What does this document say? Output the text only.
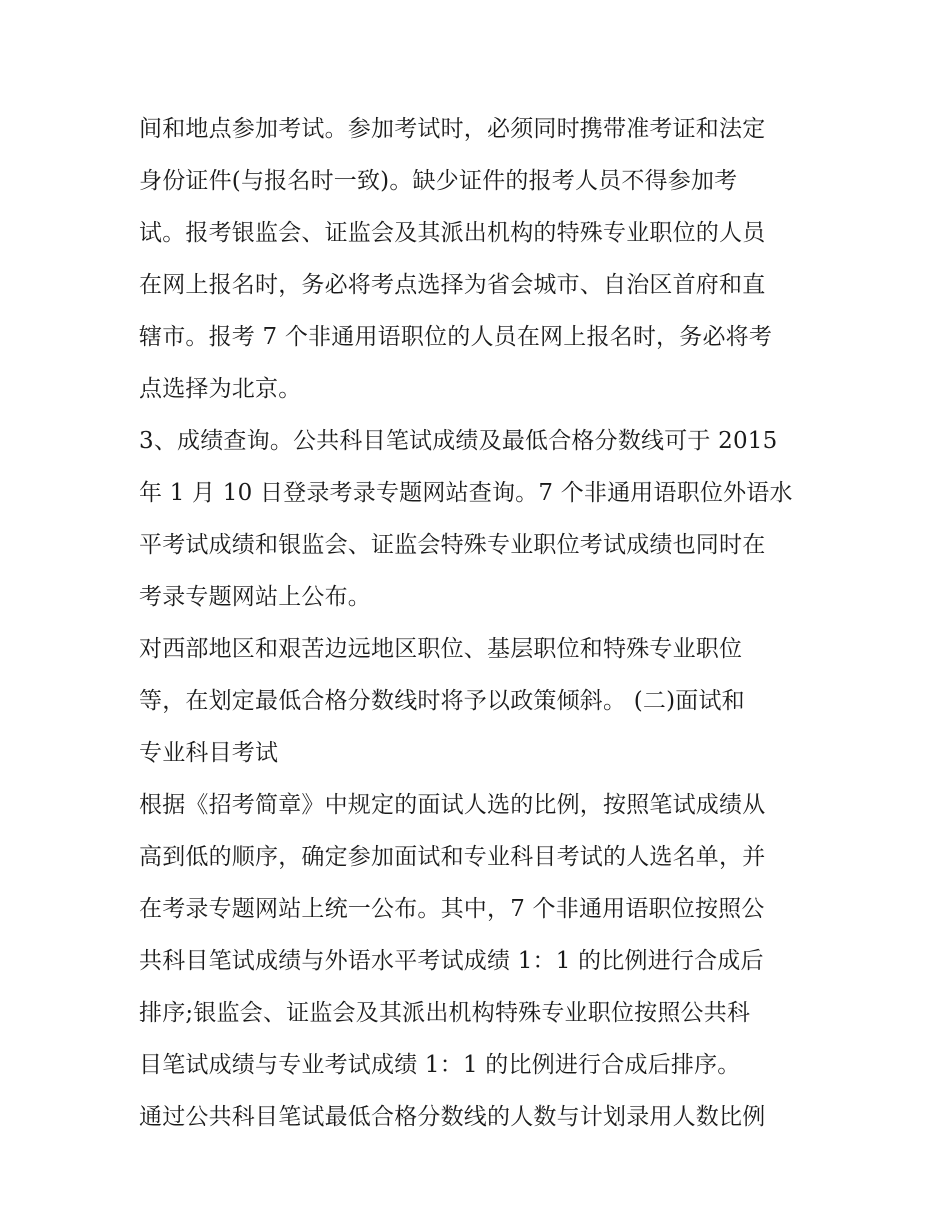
间和地点参加考试。参加考试时，必须同时携带准考证和法定
身份证件(与报名时一致)。缺少证件的报考人员不得参加考
试。报考银监会、证监会及其派出机构的特殊专业职位的人员
在网上报名时，务必将考点选择为省会城市、自治区首府和直
辖市。报考 7 个非通用语职位的人员在网上报名时，务必将考
点选择为北京。
3、成绩查询。公共科目笔试成绩及最低合格分数线可于 2015
年 1 月 10 日登录考录专题网站查询。7 个非通用语职位外语水
平考试成绩和银监会、证监会特殊专业职位考试成绩也同时在
考录专题网站上公布。
对西部地区和艰苦边远地区职位、基层职位和特殊专业职位
等，在划定最低合格分数线时将予以政策倾斜。 (二)面试和
专业科目考试
根据《招考简章》中规定的面试人选的比例，按照笔试成绩从
高到低的顺序，确定参加面试和专业科目考试的人选名单，并
在考录专题网站上统一公布。其中，7 个非通用语职位按照公
共科目笔试成绩与外语水平考试成绩 1：1 的比例进行合成后
排序;银监会、证监会及其派出机构特殊专业职位按照公共科
目笔试成绩与专业考试成绩 1：1 的比例进行合成后排序。
通过公共科目笔试最低合格分数线的人数与计划录用人数比例
